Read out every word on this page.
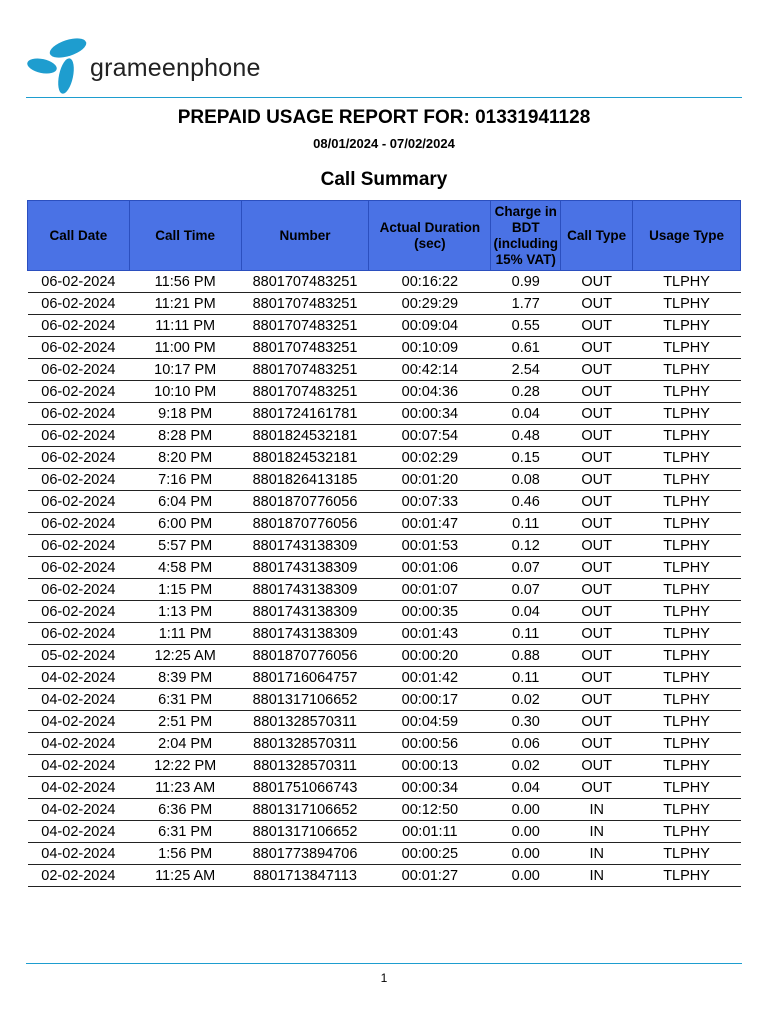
grameenphone
PREPAID USAGE REPORT FOR: 01331941128
08/01/2024 - 07/02/2024
Call Summary
Call Date	Call Time	Number	Actual Duration (sec)	Charge in BDT (including 15% VAT)	Call Type	Usage Type
06-02-2024	11:56 PM	8801707483251	00:16:22	0.99	OUT	TLPHY
06-02-2024	11:21 PM	8801707483251	00:29:29	1.77	OUT	TLPHY
06-02-2024	11:11 PM	8801707483251	00:09:04	0.55	OUT	TLPHY
06-02-2024	11:00 PM	8801707483251	00:10:09	0.61	OUT	TLPHY
06-02-2024	10:17 PM	8801707483251	00:42:14	2.54	OUT	TLPHY
06-02-2024	10:10 PM	8801707483251	00:04:36	0.28	OUT	TLPHY
06-02-2024	9:18 PM	8801724161781	00:00:34	0.04	OUT	TLPHY
06-02-2024	8:28 PM	8801824532181	00:07:54	0.48	OUT	TLPHY
06-02-2024	8:20 PM	8801824532181	00:02:29	0.15	OUT	TLPHY
06-02-2024	7:16 PM	8801826413185	00:01:20	0.08	OUT	TLPHY
06-02-2024	6:04 PM	8801870776056	00:07:33	0.46	OUT	TLPHY
06-02-2024	6:00 PM	8801870776056	00:01:47	0.11	OUT	TLPHY
06-02-2024	5:57 PM	8801743138309	00:01:53	0.12	OUT	TLPHY
06-02-2024	4:58 PM	8801743138309	00:01:06	0.07	OUT	TLPHY
06-02-2024	1:15 PM	8801743138309	00:01:07	0.07	OUT	TLPHY
06-02-2024	1:13 PM	8801743138309	00:00:35	0.04	OUT	TLPHY
06-02-2024	1:11 PM	8801743138309	00:01:43	0.11	OUT	TLPHY
05-02-2024	12:25 AM	8801870776056	00:00:20	0.88	OUT	TLPHY
04-02-2024	8:39 PM	8801716064757	00:01:42	0.11	OUT	TLPHY
04-02-2024	6:31 PM	8801317106652	00:00:17	0.02	OUT	TLPHY
04-02-2024	2:51 PM	8801328570311	00:04:59	0.30	OUT	TLPHY
04-02-2024	2:04 PM	8801328570311	00:00:56	0.06	OUT	TLPHY
04-02-2024	12:22 PM	8801328570311	00:00:13	0.02	OUT	TLPHY
04-02-2024	11:23 AM	8801751066743	00:00:34	0.04	OUT	TLPHY
04-02-2024	6:36 PM	8801317106652	00:12:50	0.00	IN	TLPHY
04-02-2024	6:31 PM	8801317106652	00:01:11	0.00	IN	TLPHY
04-02-2024	1:56 PM	8801773894706	00:00:25	0.00	IN	TLPHY
02-02-2024	11:25 AM	8801713847113	00:01:27	0.00	IN	TLPHY
1
